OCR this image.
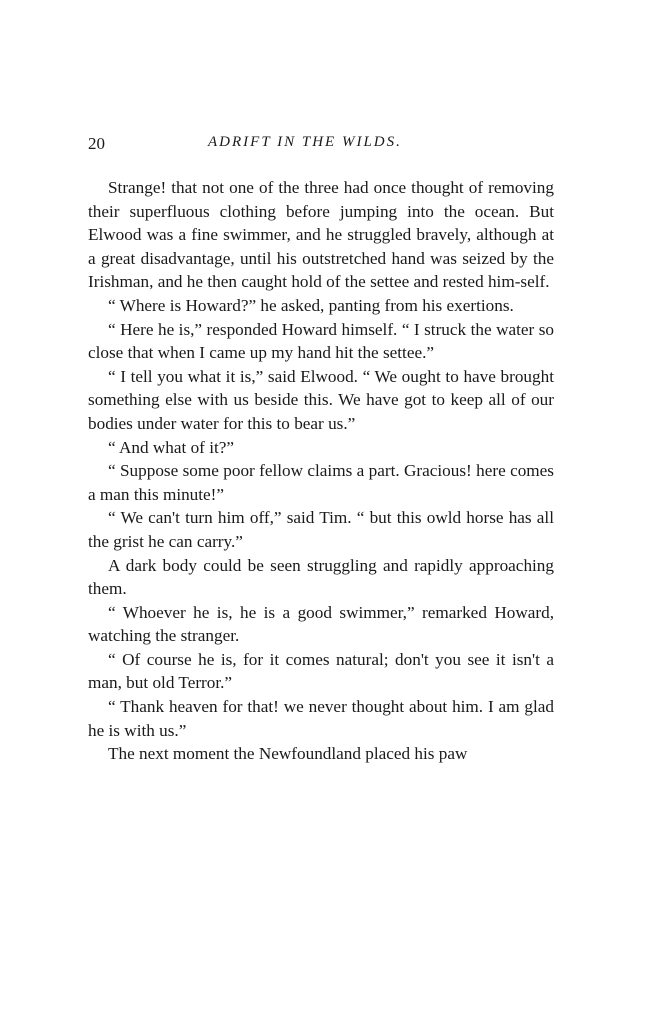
20	ADRIFT IN THE WILDS.

Strange! that not one of the three had once thought of removing their superfluous clothing before jumping into the ocean. But Elwood was a fine swimmer, and he struggled bravely, although at a great disadvantage, until his outstretched hand was seized by the Irishman, and he then caught hold of the settee and rested him-self.

“ Where is Howard?” he asked, panting from his exertions.

“ Here he is,” responded Howard himself. “ I struck the water so close that when I came up my hand hit the settee.”

“ I tell you what it is,” said Elwood. “ We ought to have brought something else with us beside this. We have got to keep all of our bodies under water for this to bear us.”

“ And what of it?”

“ Suppose some poor fellow claims a part. Gracious! here comes a man this minute!”

“ We can't turn him off,” said Tim. “ but this owld horse has all the grist he can carry.”

A dark body could be seen struggling and rapidly approaching them.

“ Whoever he is, he is a good swimmer,” remarked Howard, watching the stranger.

“ Of course he is, for it comes natural; don't you see it isn't a man, but old Terror.”

“ Thank heaven for that! we never thought about him. I am glad he is with us.”

The next moment the Newfoundland placed his paw
